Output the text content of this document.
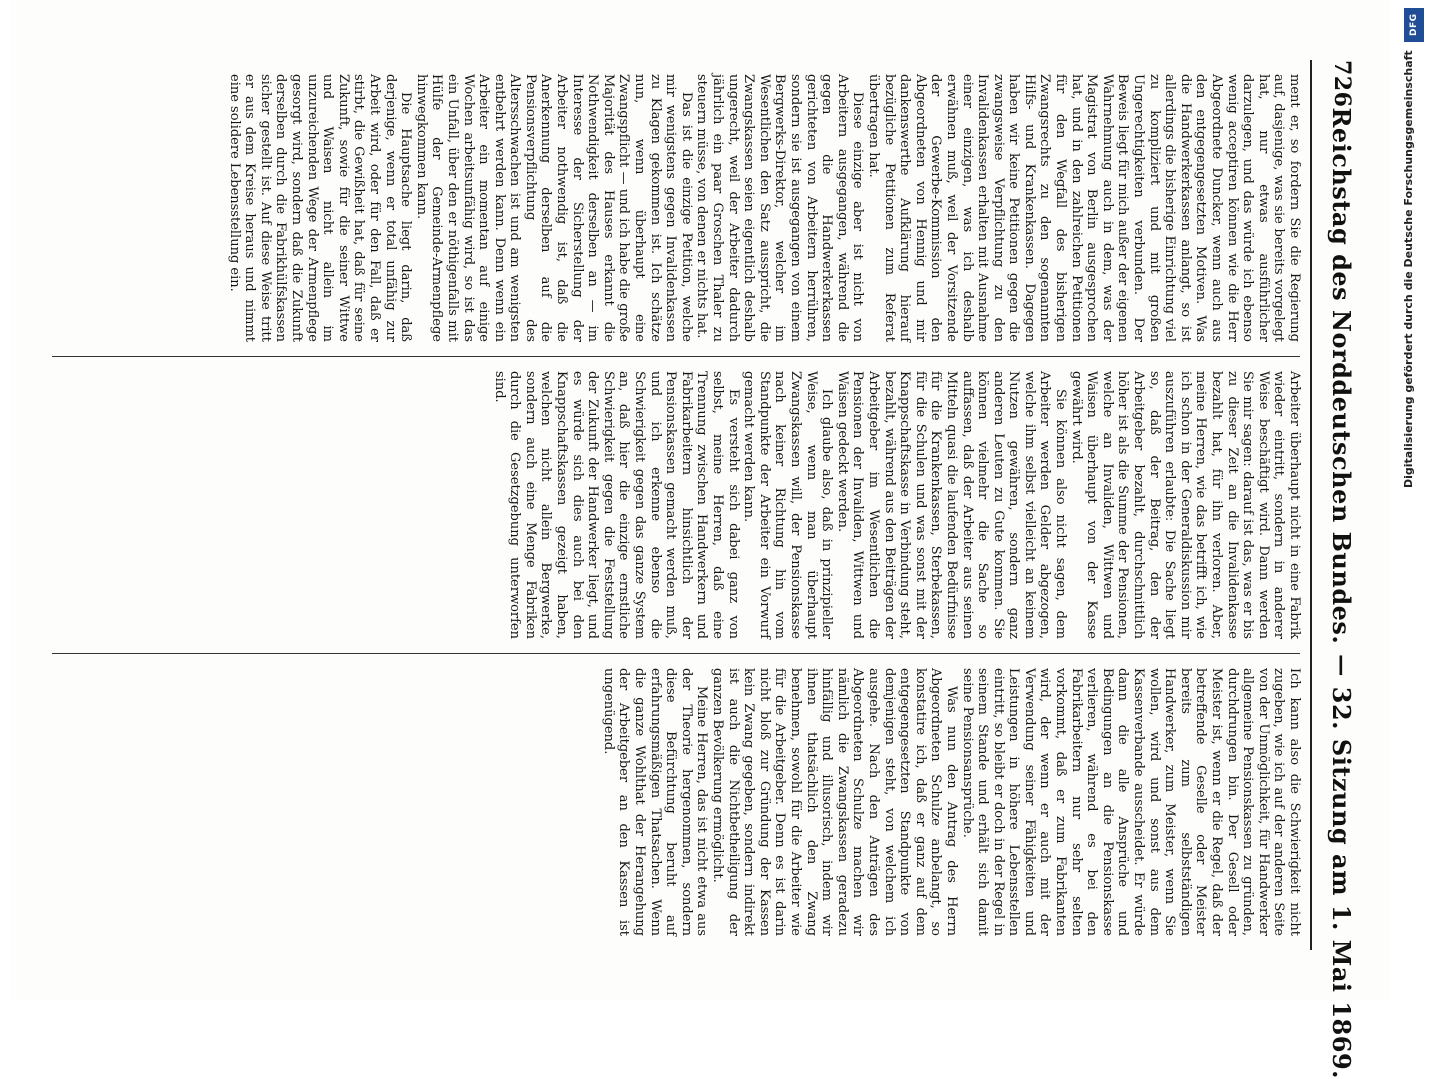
726
Reichstag des Norddeutschen Bundes.
—
32. Sitzung am 1. Mai 1869.

ment er, so fordern Sie die Regierung auf, dasjenige, was sie bereits vorgelegt hat, nur etwas ausführlicher darzulegen, und das würde ich ebenso wenig acceptiren können wie die Herr Abgeordnete Duncker, wenn auch aus den entgegengesetzten Motiven. Was die Handwerkerkassen anlangt, so ist allerdings die bisherige Einrichtung viel zu kompliziert und mit großen Ungerechtigkeiten verbunden. Der Beweis liegt für mich außer der eigenen Wahrnehmung auch in dem, was der Magistrat von Berlin ausgesprochen hat, und in den zahlreichen Petitionen für den Wegfall des bisherigen Zwangsrechts zu den sogenannten Hilfs- und Krankenkassen. Dagegen haben wir keine Petitionen gegen die zwangsweise Verpflichtung zu den Invalidenkassen erhalten mit Ausnahme einer einzigen, was ich deshalb erwähnen muß, weil der Vorsitzende der Gewerbe-Kommission den Abgeordneten von Hennig und mir dankenswerthe Aufklärung hierauf bezügliche Petitionen zum Referat übertragen hat.

Diese einzige aber ist nicht von Arbeitern ausgegangen, während die gegen die Handwerkerkassen gerichteten von Arbeitern herrühren, sondern sie ist ausgegangen von einem Bergwerks-Direktor, welcher im Wesentlichen den Satz ausspricht, die Zwangskassen seien eigentlich deshalb ungerecht, weil der Arbeiter dadurch jährlich ein paar Groschen Thaler zu steuern müsse, von denen er nichts hat.

Das ist die einzige Petition, welche mir wenigstens gegen Invalidenkassen zu Klagen gekommen ist. Ich schätze nun, wenn überhaupt eine Zwangspflicht — und ich habe die große Majorität des Hauses erkannt die Nothwendigkeit derselben an — im Interesse der Sicherstellung der Arbeiter nothwendig ist, daß die Anerkennung derselben auf die Pensionsverpflichtung des Altersschwachen ist und am wenigsten entbehrt werden kann. Denn wenn ein Arbeiter ein momentan auf einige Wochen arbeitsunfähig wird, so ist das ein Unfall, über den er nöthigenfalls mit Hülfe der Gemeinde-Armenpflege hinwegkommen kann.

Die Hauptsache liegt darin, daß derjenige, wenn er total unfähig zur Arbeit wird, oder für den Fall, daß er stirbt, die Gewißheit hat, daß für seine Zukunft, sowie für die seiner Wittwe und Waisen nicht allein im unzureichenden Wege der Armenpflege gesorgt wird, sondern daß die Zukunft derselben durch die Fabrikhülfskassen sicher gestellt ist. Auf diese Weise tritt er aus dem Kreise heraus und nimmt eine solidere Lebensstellung ein.

Arbeiter überhaupt nicht in eine Fabrik wieder eintritt, sondern in anderer Weise beschäftigt wird. Dann werden Sie mir sagen: darauf ist das, was er bis zu dieser Zeit an die Invalidenkasse bezahlt hat, für ihn verloren. Aber, meine Herren, wie das betrifft ich, wie ich schon in der Generaldiskussion mir auszuführen erlaubte: Die Sache liegt so, daß der Beitrag, den der Arbeitgeber bezahlt, durchschnittlich höher ist als die Summe der Pensionen, welche an Invaliden, Wittwen und Waisen überhaupt von der Kasse gewährt wird.

Sie können also nicht sagen, dem Arbeiter werden Gelder abgezogen, welche ihm selbst vielleicht an keinem Nutzen gewähren, sondern ganz anderen Leuten zu Gute kommen. Sie können vielmehr die Sache so auffassen, daß der Arbeiter aus seinen Mitteln quasi die laufenden Bedürfnisse für die Krankenkassen, Sterbekassen, für die Schulen und was sonst mit der Knappschaftskasse in Verbindung steht, bezahlt, während aus den Beiträgen der Arbeitgeber im Wesentlichen die Pensionen der Invaliden, Wittwen und Waisen gedeckt werden.

Ich glaube also, daß in prinzipieller Weise, wenn man überhaupt Zwangskassen will, der Pensionskasse nach keiner Richtung hin vom Standpunkte der Arbeiter ein Vorwurf gemacht werden kann.

Es versteht sich dabei ganz von selbst, meine Herren, daß eine Trennung zwischen Handwerkern und Fabrikarbeitern hinsichtlich der Pensionskassen gemacht werden muß, und ich erkenne ebenso die Schwierigkeit gegen das ganze System an, daß hier die einzige ernstliche Schwierigkeit gegen die Feststellung der Zukunft der Handwerker liegt, und es würde sich dies auch bei den Knappschaftskassen gezeigt haben, welchen nicht allein Bergwerke, sondern auch eine Menge Fabriken durch die Gesetzgebung unterworfen sind.

Ich kann also die Schwierigkeit nicht zugeben, wie ich auf der anderen Seite von der Unmöglichkeit, für Handwerker allgemeine Pensionskassen zu gründen, durchdrungen bin. Der Gesell oder Meister ist, wenn er die Regel, daß der betreffende Geselle oder Meister bereits zum selbstständigen Handwerker, zum Meister, wenn Sie wollen, wird und sonst aus dem Kassenverbande ausscheidet. Er würde dann die alle Ansprüche und Bedingungen an die Pensionskasse verlieren, während es bei den Fabrikarbeitern nur sehr selten vorkommt, daß er zum Fabrikanten wird, der wenn er auch mit der Verwendung seiner Fähigkeiten und Leistungen in höhere Lebensstellen eintritt, so bleibt er doch in der Regel in seinem Stande und erhält sich damit seine Pensionsansprüche.

Was nun den Antrag des Herrn Abgeordneten Schulze anbelangt, so konstatire ich, daß er ganz auf dem entgegengesetzten Standpunkte von demjenigen steht, von welchem ich ausgehe. Nach den Anträgen des Abgeordneten Schulze machen wir nämlich die Zwangskassen geradezu hinfällig und illusorisch, indem wir ihnen thatsächlich den Zwang benehmen, sowohl für die Arbeiter wie für die Arbeitgeber. Denn es ist darin nicht bloß zur Gründung der Kassen kein Zwang gegeben, sondern indirekt ist auch die Nichtbetheiligung der ganzen Bevölkerung ermöglicht.

Meine Herren, das ist nicht etwa aus der Theorie hergenommen, sondern diese Befürchtung beruht auf erfahrungsmäßigen Thatsachen. Wenn die ganze Wohlthat der Herangehung der Arbeitgeber an den Kassen ist ungenügend.

DFG
Digitalisierung gefördert durch die Deutsche Forschungsgemeinschaft
